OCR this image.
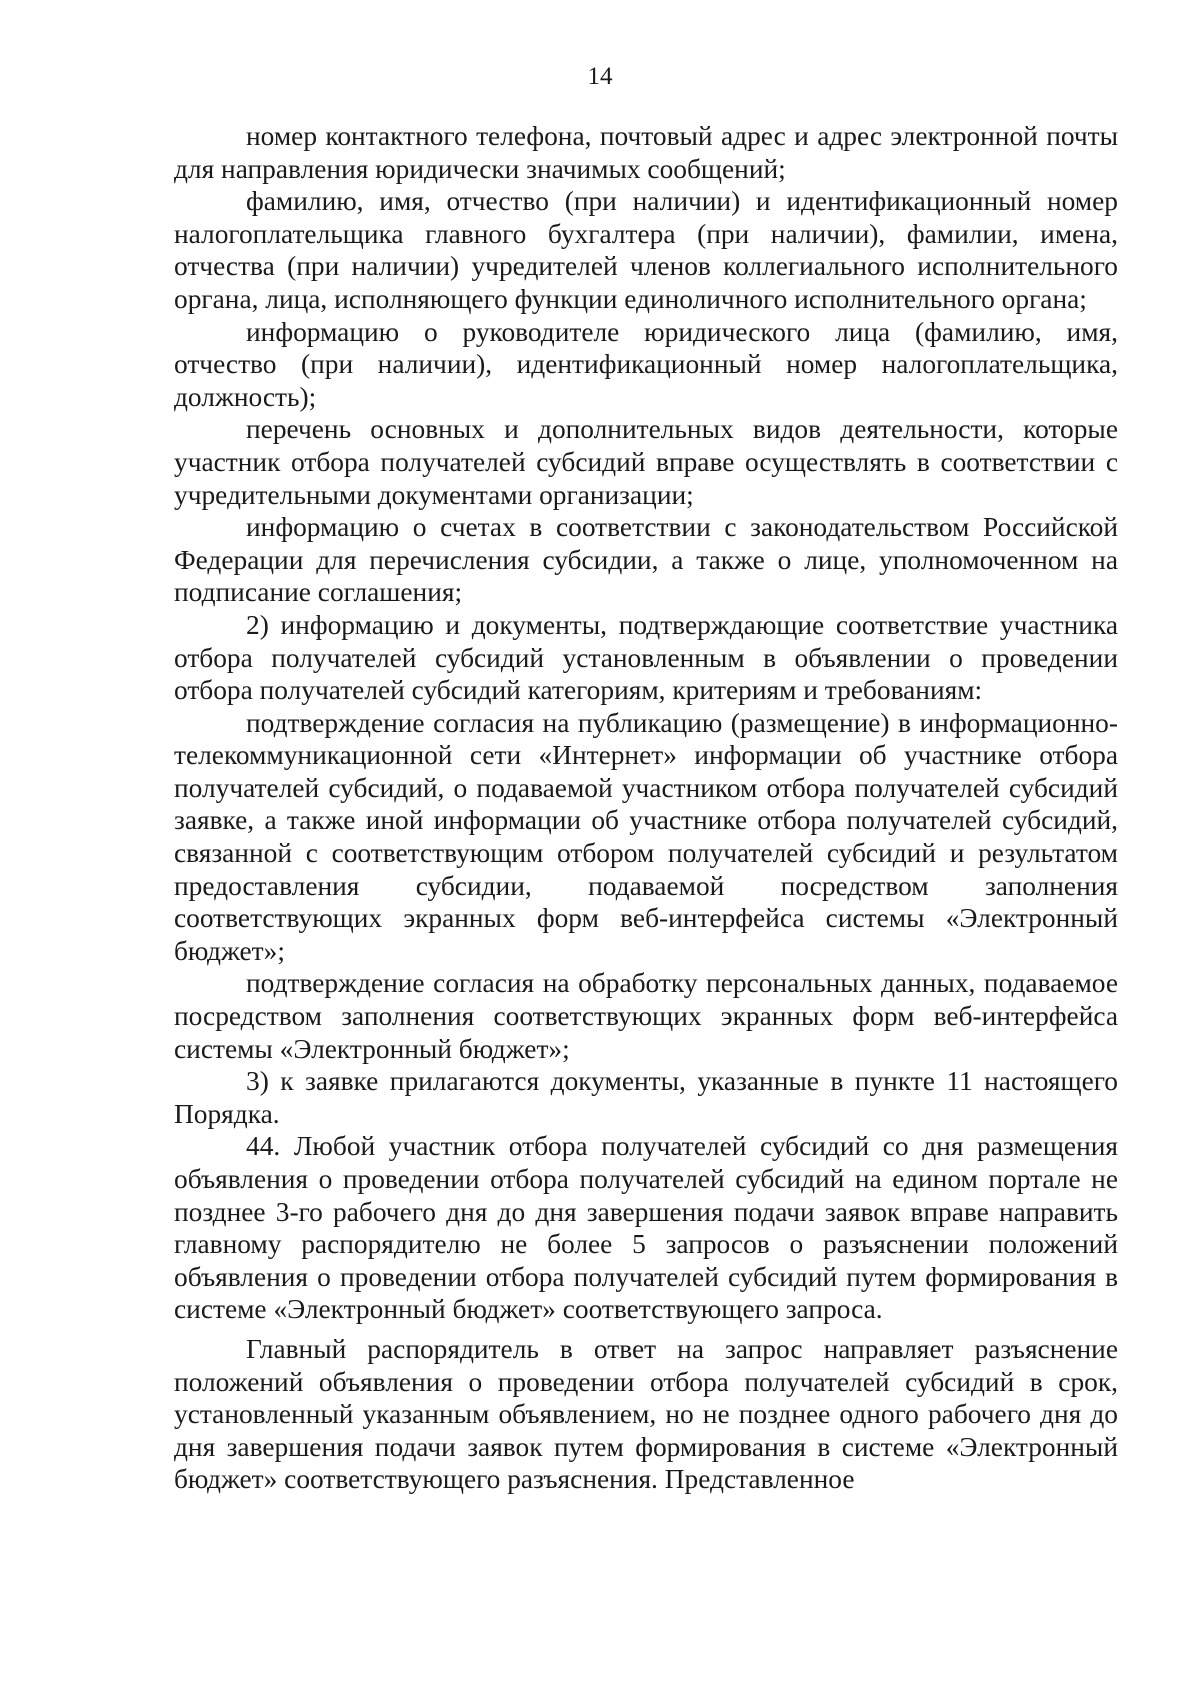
14

номер контактного телефона, почтовый адрес и адрес электронной почты для направления юридически значимых сообщений;

фамилию, имя, отчество (при наличии) и идентификационный номер налогоплательщика главного бухгалтера (при наличии), фамилии, имена, отчества (при наличии) учредителей членов коллегиального исполнительного органа, лица, исполняющего функции единоличного исполнительного органа;

информацию о руководителе юридического лица (фамилию, имя, отчество (при наличии), идентификационный номер налогоплательщика, должность);

перечень основных и дополнительных видов деятельности, которые участник отбора получателей субсидий вправе осуществлять в соответствии с учредительными документами организации;

информацию о счетах в соответствии с законодательством Российской Федерации для перечисления субсидии, а также о лице, уполномоченном на подписание соглашения;

2) информацию и документы, подтверждающие соответствие участника отбора получателей субсидий установленным в объявлении о проведении отбора получателей субсидий категориям, критериям и требованиям:

подтверждение согласия на публикацию (размещение) в информационно-телекоммуникационной сети «Интернет» информации об участнике отбора получателей субсидий, о подаваемой участником отбора получателей субсидий заявке, а также иной информации об участнике отбора получателей субсидий, связанной с соответствующим отбором получателей субсидий и результатом предоставления субсидии, подаваемой посредством заполнения соответствующих экранных форм веб-интерфейса системы «Электронный бюджет»;

подтверждение согласия на обработку персональных данных, подаваемое посредством заполнения соответствующих экранных форм веб-интерфейса системы «Электронный бюджет»;

3) к заявке прилагаются документы, указанные в пункте 11 настоящего Порядка.

44. Любой участник отбора получателей субсидий со дня размещения объявления о проведении отбора получателей субсидий на едином портале не позднее 3-го рабочего дня до дня завершения подачи заявок вправе направить главному распорядителю не более 5 запросов о разъяснении положений объявления о проведении отбора получателей субсидий путем формирования в системе «Электронный бюджет» соответствующего запроса.

Главный распорядитель в ответ на запрос направляет разъяснение положений объявления о проведении отбора получателей субсидий в срок, установленный указанным объявлением, но не позднее одного рабочего дня до дня завершения подачи заявок путем формирования в системе «Электронный бюджет» соответствующего разъяснения. Представленное
